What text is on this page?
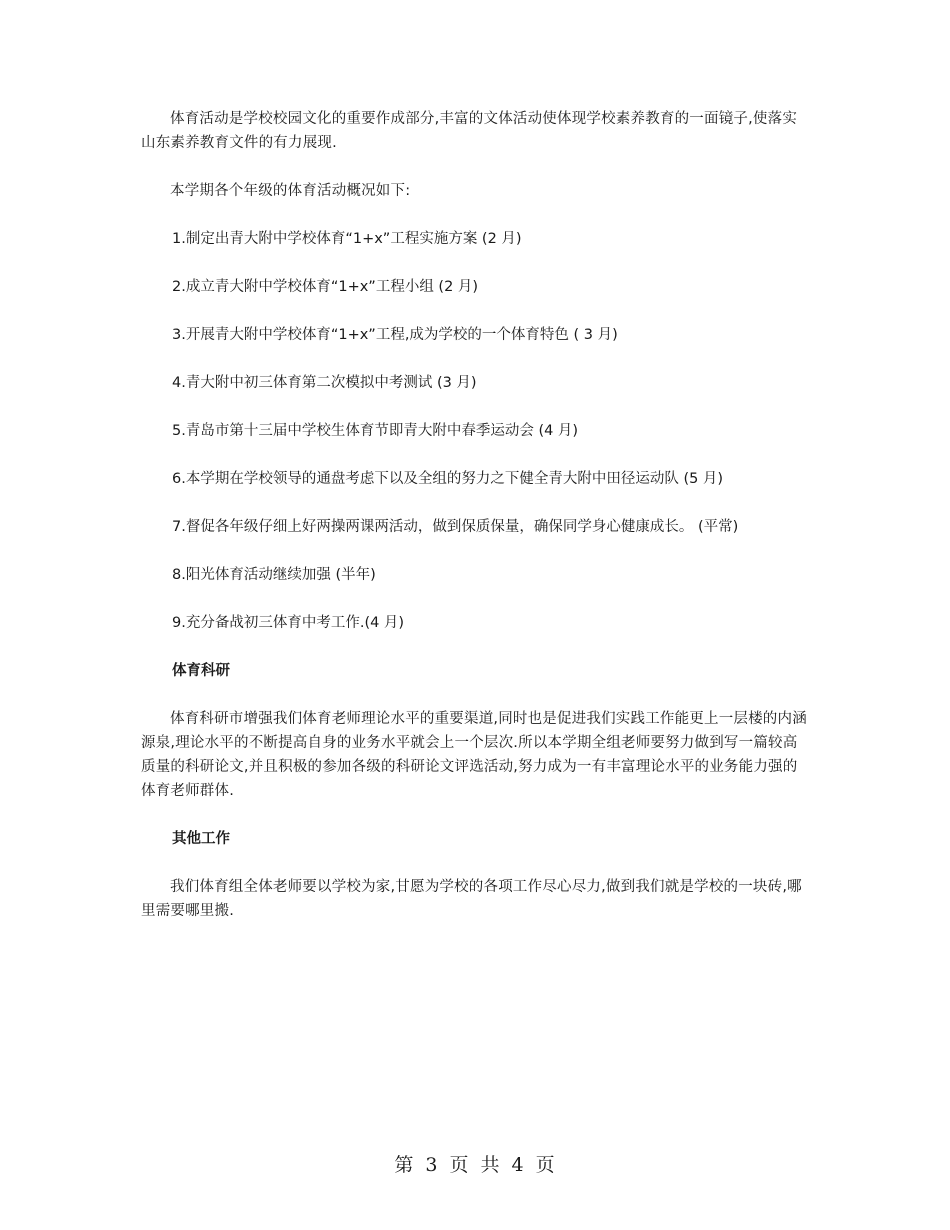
体育活动是学校校园文化的重要作成部分,丰富的文体活动使体现学校素养教育的一面镜子,使落实山东素养教育文件的有力展现.

本学期各个年级的体育活动概况如下:

1.制定出青大附中学校体育“1+x”工程实施方案 (2 月)

2.成立青大附中学校体育“1+x”工程小组 (2 月)

3.开展青大附中学校体育“1+x”工程,成为学校的一个体育特色 ( 3 月)

4.青大附中初三体育第二次模拟中考测试 (3 月)

5.青岛市第十三届中学校生体育节即青大附中春季运动会 (4 月)

6.本学期在学校领导的通盘考虑下以及全组的努力之下健全青大附中田径运动队 (5 月)

7.督促各年级仔细上好两操两课两活动，做到保质保量，确保同学身心健康成长。 (平常)

8.阳光体育活动继续加强 (半年)

9.充分备战初三体育中考工作.(4 月)

体育科研

体育科研市增强我们体育老师理论水平的重要渠道,同时也是促进我们实践工作能更上一层楼的内涵源泉,理论水平的不断提高自身的业务水平就会上一个层次.所以本学期全组老师要努力做到写一篇较高质量的科研论文,并且积极的参加各级的科研论文评选活动,努力成为一有丰富理论水平的业务能力强的体育老师群体.

其他工作

我们体育组全体老师要以学校为家,甘愿为学校的各项工作尽心尽力,做到我们就是学校的一块砖,哪里需要哪里搬.

第 3 页 共 4 页
